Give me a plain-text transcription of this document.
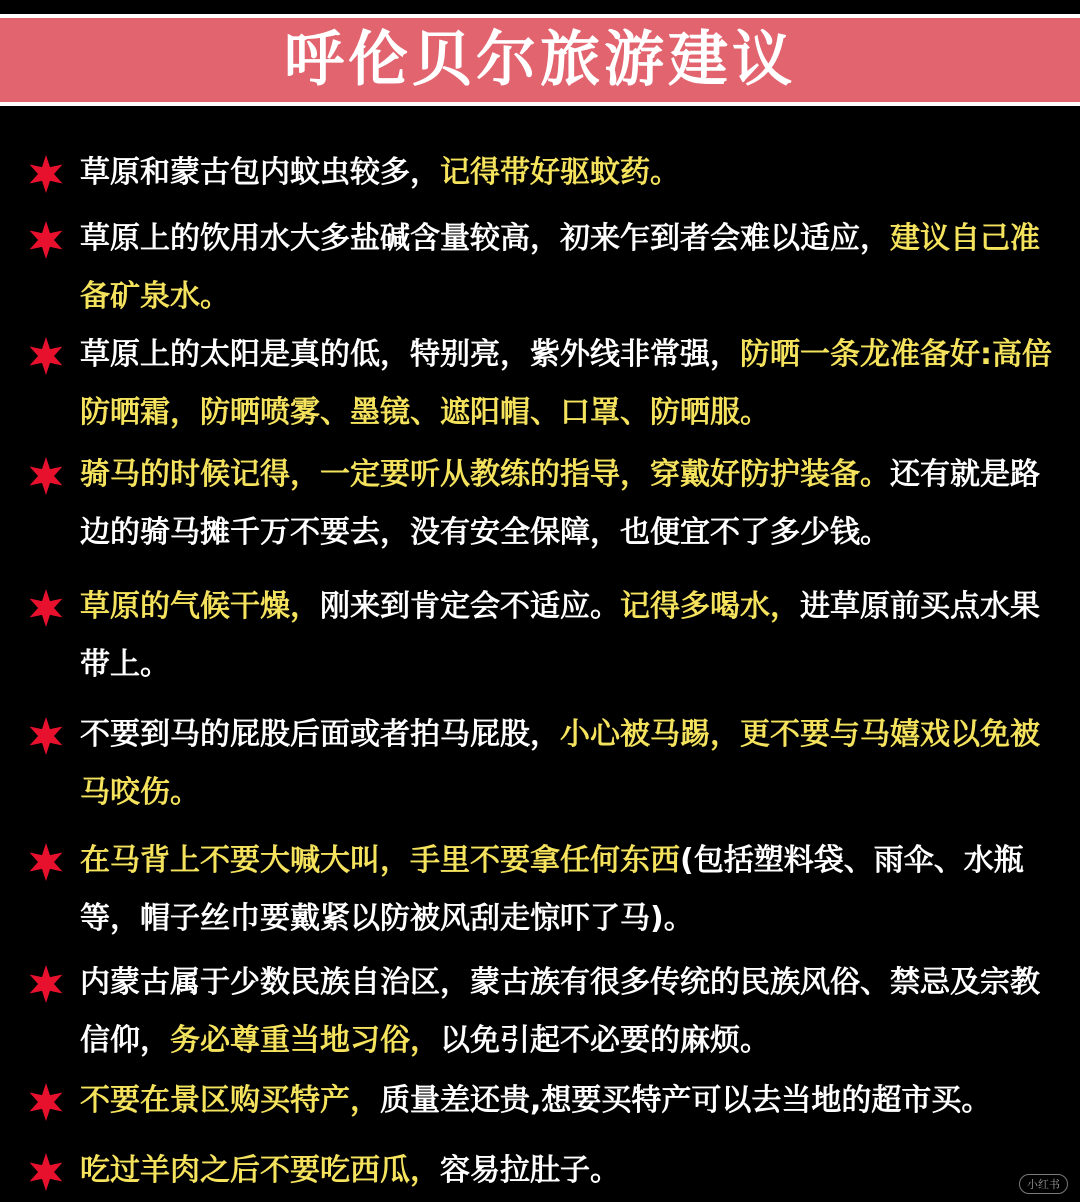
呼伦贝尔旅游建议
草原和蒙古包内蚊虫较多，记得带好驱蚊药。
草原上的饮用水大多盐碱含量较高，初来乍到者会难以适应，建议自己准备矿泉水。
草原上的太阳是真的低，特别亮，紫外线非常强，防晒一条龙准备好:高倍防晒霜，防晒喷雾、墨镜、遮阳帽、口罩、防晒服。
骑马的时候记得，一定要听从教练的指导，穿戴好防护装备。还有就是路边的骑马摊千万不要去，没有安全保障，也便宜不了多少钱。
草原的气候干燥，刚来到肯定会不适应。记得多喝水，进草原前买点水果带上。
不要到马的屁股后面或者拍马屁股，小心被马踢，更不要与马嬉戏以免被马咬伤。
在马背上不要大喊大叫，手里不要拿任何东西(包括塑料袋、雨伞、水瓶等，帽子丝巾要戴紧以防被风刮走惊吓了马)。
内蒙古属于少数民族自治区，蒙古族有很多传统的民族风俗、禁忌及宗教信仰，务必尊重当地习俗，以免引起不必要的麻烦。
不要在景区购买特产，质量差还贵,想要买特产可以去当地的超市买。
吃过羊肉之后不要吃西瓜，容易拉肚子。	小红书
